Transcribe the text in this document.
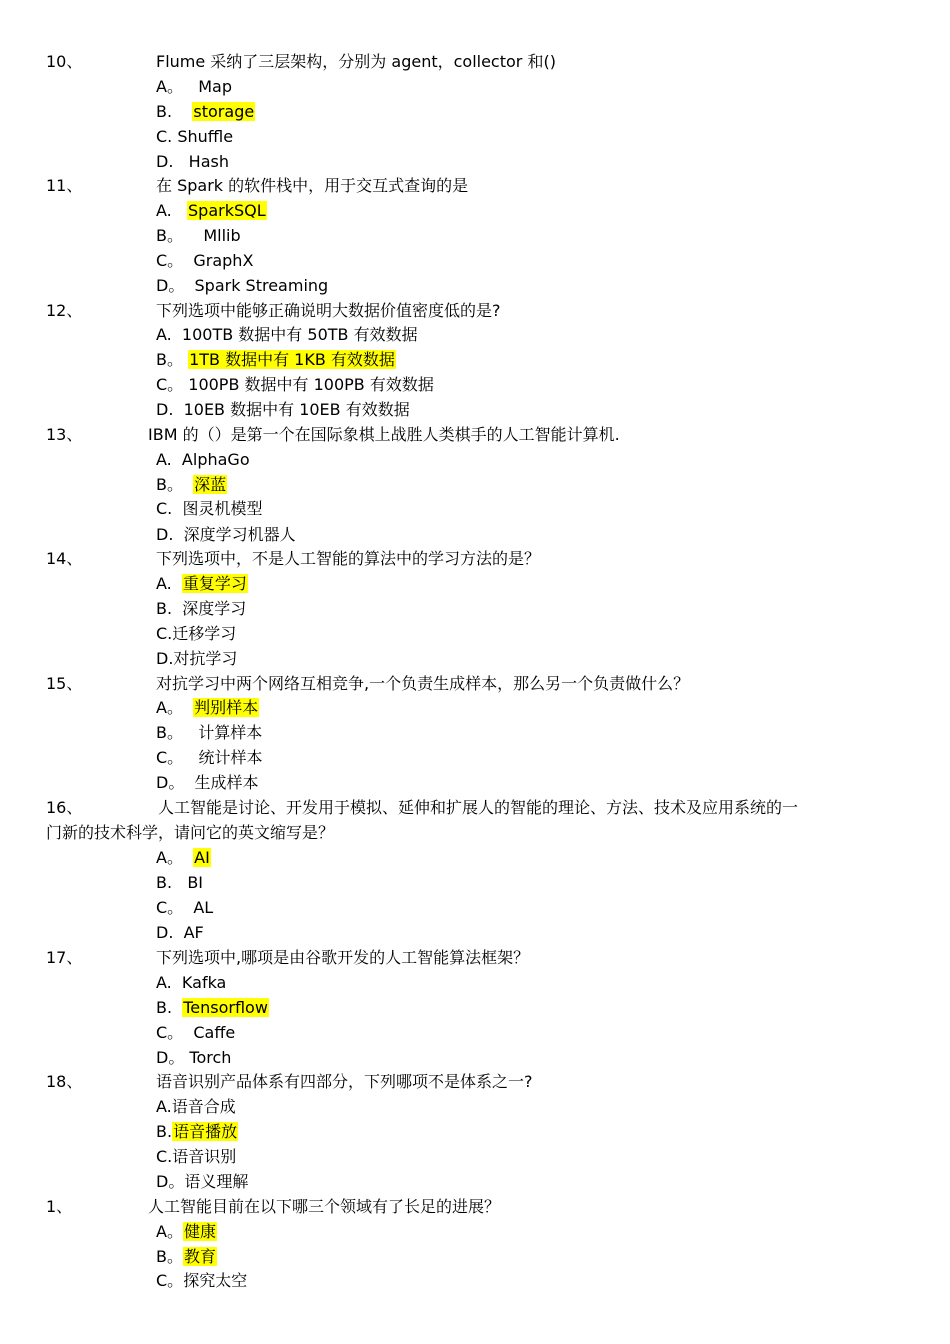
10、	Flume 采纳了三层架构，分别为 agent，collector 和()
A。   Map
B.    storage
C. Shuffle
D.   Hash
11、	在 Spark 的软件栈中，用于交互式查询的是
A.   SparkSQL
B。    Mllib
C。  GraphX
D。  Spark Streaming
12、	下列选项中能够正确说明大数据价值密度低的是?
A.  100TB 数据中有 50TB 有效数据
B。 1TB 数据中有 1KB 有效数据
C。 100PB 数据中有 100PB 有效数据
D.  10EB 数据中有 10EB 有效数据
13、	IBM 的（）是第一个在国际象棋上战胜人类棋手的人工智能计算机.
A.  AlphaGo
B。  深蓝
C.  图灵机模型
D.  深度学习机器人
14、	下列选项中，不是人工智能的算法中的学习方法的是？
A.  重复学习
B.  深度学习
C.迁移学习
D.对抗学习
15、	对抗学习中两个网络互相竞争,一个负责生成样本，那么另一个负责做什么？
A。  判别样本
B。   计算样本
C。   统计样本
D。  生成样本
16、	人工智能是讨论、开发用于模拟、延伸和扩展人的智能的理论、方法、技术及应用系统的一
门新的技术科学，请问它的英文缩写是？
A。  AI
B.   BI
C。  AL
D.  AF
17、	下列选项中,哪项是由谷歌开发的人工智能算法框架？
A.  Kafka
B.  Tensorflow
C。  Caffe
D。 Torch
18、	语音识别产品体系有四部分，下列哪项不是体系之一?
A.语音合成
B.语音播放
C.语音识别
D。语义理解
1、	人工智能目前在以下哪三个领域有了长足的进展？
A。健康
B。教育
C。探究太空
